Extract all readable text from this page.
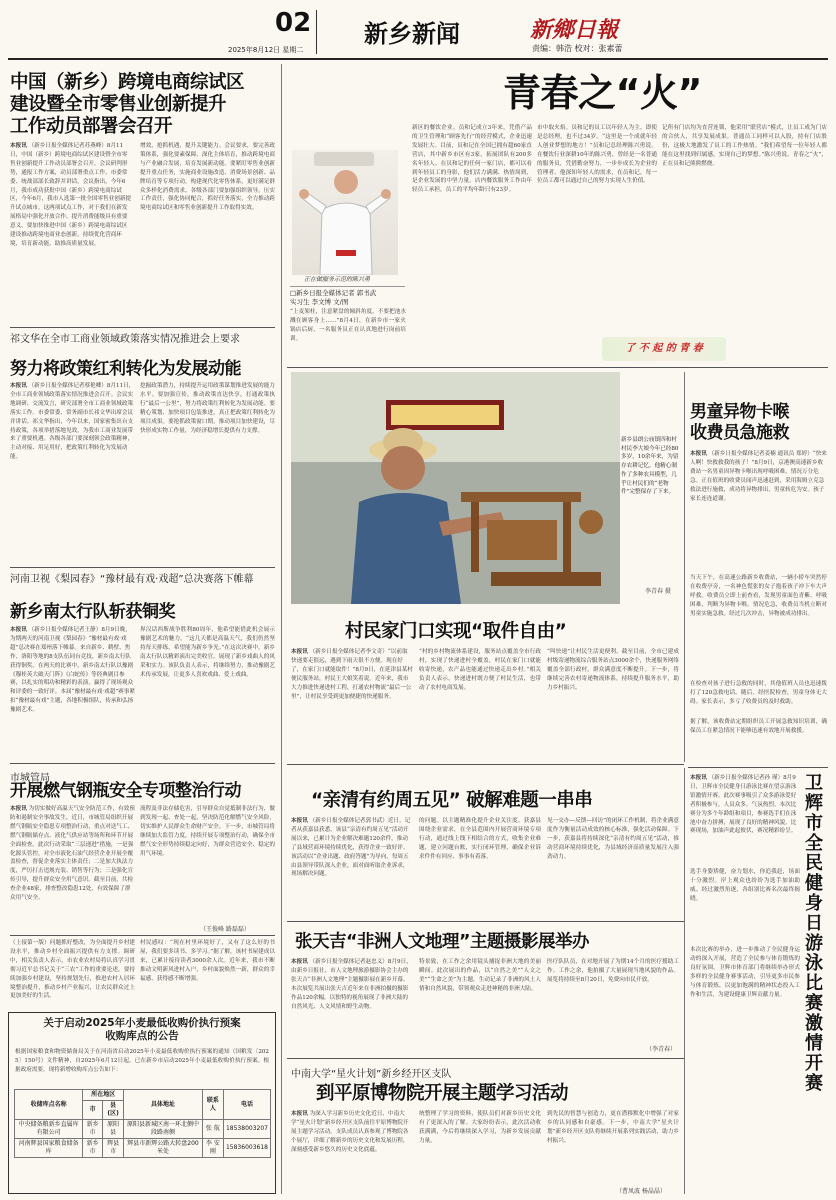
02
2025年8月12日 星期二
新乡新闻	新鄉日報
责编：韩浩 校对：张素蕾
中国（新乡）跨境电商综试区
建设暨全市零售业创新提升
工作动员部署会召开
本报讯 （新乡日报全媒体记者苏燕峰）8月11日，中国（新乡）跨境电商综试区建设暨全市零售业创新提升工作动员部署会召开。会议研判形势，通报工作方案，动员部署重点工作。市委常委、统战部部长致辞并讲话。会议指出，今年6月，我市成功获批中国（新乡）跨境电商综试区，今年6月，我市人选第一批全国零售业创新提升试点城市。这两项试点工作，对于我们在新发展格局中强化开放合作、提升消费能级具有重要意义。要加快推进中国（新乡）跨境电商综试区建设推动跨境电商业态创新，持续优化营商环境，培育新动能，助推高质量发展。
增效，抢抓机遇，提升关键能力。会议要求，要完善政策体系，强化要素保障，深化主体培育，推动跨境电商与产业融合发展，培育发展新动能。要紧盯零售业创新提升重点任务，实施商业设施改造、消费场景创新、品牌培育等专项行动，构建现代化零售体系，更好满足群众多样化消费需求。各级各部门要加强组织领导，压实工作责任，强化协同配合，抓好任务落实，全力推动跨境电商综试区和零售业创新提升工作取得实效。
祁文华在全市工商业领域政策落实情况推进会上要求
努力将政策红利转化为发展动能
本报讯 （新乡日报全媒体记者蔡艳卿）8月11日，全市工商业领域政策落实情况推进会召开。会议实地调研、交流发言，研究部署全市工商业领域政策落实工作。市委常委、常务副市长祁文华出席会议并讲话。祁文华指出，今年以来，国家密集出台支持政策，各项举措落地见效，为我市工商业发展带来了重要机遇。各级各部门要深刻领会政策精神，主动对接、用足用好，把政策红利转化为发展动能。
挖掘政策潜力，持续提升运用政策谋划推进发展的能力水平。要加强宣传，推动政策直达快享，打通政策执行“最后一公里”，努力将政策红利转化为发展动能。要精心策划、加快项目包装推进，真正把政策红利转化为项目成果。要抢抓政策窗口期，推动项目加快建设，尽快形成实物工作量，为经济稳增长提供有力支撑。
河南卫视《梨园春》“豫材最有戏·戏超”总决赛落下帷幕
新乡南太行队斩获铜奖
本报讯 （新乡日报全媒体记者王静）8月9日晚，为期两天的河南卫视《梨园春》“豫材最有戏·戏超”总决赛在郑州落下帷幕。来自新乡、鹤壁、焦作、洛阳等地的8支队伍同台竞技，新乡南太行队获得铜奖。在两天的比赛中，新乡南太行队以豫剧《穆桂英大破天门阵》《白蛇传》等经典剧目参赛，以扎实的唱功和精彩的表演，赢得了现场观众和评委的一致好评。本届“豫材最有戏·戏超”赛事紧扣“豫材最有戏”主题，各地积极组队，传承和弘扬豫剧艺术。
界汉话西斯战争胜利80周年，他希望能借此机会展示豫剧艺术的魅力。“这几天都是高温天气，我们仍然坚持每天排练，希望能为新乡争光。”在这次决赛中，新乡南太行队以精彩演出完美收官，展现了新乡戏曲人的风采和实力。该队负责人表示，将继续努力，推动豫剧艺术传承发展，让更多人喜欢戏曲、爱上戏曲。
市城管局
开展燃气钢瓶安全专项整治行动
本报讯 为切实做好高温天气安全防范工作，有效预防和遏制安全事故发生，近日，市城管局组织开展燃气钢瓶安全隐患专项整治行动，重点对送气工、燃气钢瓶储存点、液化气供应站等场所和环节开展全面检查。此次行动采取“三层递进”措施，一是强化源头管控，对全市液化石油气经营企业开展全覆盖检查，督促企业落实主体责任；二是加大执法力度，严厉打击违规充装、销售等行为；三是强化宣传引导，提升群众安全用气意识。截至目前，共检查企业48家，排查整改隐患12处，有效保障了群众用气安全。
流程及非法存储危害，引导群众自觉抵制非法行为，做到发现一起、查处一起，坚决防范化解燃气安全风险，切实维护人民群众生命财产安全。下一步，市城管局将继续加大监管力度，持续开展专项整治行动，确保全市燃气安全形势持续稳定向好，为群众营造安全、稳定的用气环境。
（王俊峰 路磊磊）
（上接第一版）问题抓好整改，为全面提升乡村建设水平，推动乡村全面振兴提供有力支撑。调研中，相关负责人表示，市农业农村局将认真学习贯彻习近平总书记关于“三农”工作的重要论述，要持续加强乡村建设，坚持规划先行，推进农村人居环境整治提升，推动乡村产业振兴，让农民群众过上更加美好的生活。
村民感叹：“现在村里环境好了，又有了这么好的书屋，我们要多读书、多学习。”据了解，该村书屋建成以来，已累计接待读者3000余人次。近年来，我市不断推动文明新风进村入户，乡村面貌焕然一新，群众的幸福感、获得感不断增强。
关于启动2025年小麦最低收购价执行预案
收购库点的公告
根据国家粮食和物资储备局关于在河南省启动2025年小麦最低收购价执行预案的通知（国粮发〔2025〕150号）文件精神，自2025年6月12日起，已在新乡市启动2025年小麦最低收购价执行预案。根据政府需要，现将新增收购库点公告如下：
收储库点名称	所在地区		具体地址	联系人	电话
	市	县(区)			
中央储备粮新乡直属库有限公司	新乡市	原阳县	原阳县新城区南一环北侧中段路南侧	张 航	18538003207
河南辉县国家粮食储备库	新乡市	辉县市	辉县市新辉公路大转盘200米处	李 安刚	15836003618
正在做服务示范的陈兴勇
青春之“火”
□新乡日报全媒体记者 郭书武
实习生 李文博 文/图
“上麦架柱，注意紧盘的倾斜角度，不要把池水溅在顾客身上……”8月4日，在新乡市一家火锅店后厨，一名服务员正在认真地进行岗前培训。
新区的餐饮企业。员和记成立3年来，凭借产品的卫生管理和“顾客先行”的经营模式，企业迅速发展壮大。目前，员和记在全国已拥有超60家直营店，其中新乡市区有3家，拓展团队有200多名年轻人。在员和记的任何一家门店，都可以看到年轻员工的身影，他们活力满满、热情周到，是企业发展的中坚力量。店内餐饮服务工作由年轻员工承担，员工的平均年龄只有23岁。
市中取火焰。员和记的员工以年轻人为主，即使是总经理，也不过34岁。“这里是一个成就年轻人创业梦想的地方！”员和记总经理陈兴勇说。在餐饮行业深耕10年的陈兴勇，曾经是一名普通的服务员，凭借勤奋努力，一步步成长为企业的管理者。他深知年轻人的需求，在员和记，每一位员工都可以通过自己的努力实现人生价值。
了 不 起 的 青 春
记所有门店均为直营连锁，他采用“联营店”模式，让员工成为门店的合伙人，共享发展成果。普通员工同样可以入股，持有门店股份，这极大地激发了员工的工作热情。“我们希望每一位年轻人都能在这里找到归属感，实现自己的梦想。”陈兴勇说。青春之“火”，正在员和记熊熊燃烧。
新乡县朗公庙镇四和村村民李大娘今年已经80多岁，10余年来，为留存农耕记忆，他精心制作了多种农具模型，几乎让村民们的“老物件”完整保存了下来。
李青春 摄
村民家门口实现“取件自由”
本报讯 （新乡日报全媒体记者李文奇）“以前取快递要走很远，遇到下雨天很不方便。现在好了，在家门口就能取件！”8月9日，在延津县某村便民服务站，村民王大娘笑着说。近年来，我市大力推进快递进村工程，打通农村物流“最后一公里”，让村民享受到更加便捷的快递服务。
“村的乡村物流体系建设，服务站点覆盖全市行政村，实现了快递进村全覆盖，村民在家门口就能收寄快递，农产品也能通过快递走出乡村。”相关负责人表示。快递进村既方便了村民生活，也带动了农村电商发展。
“叫快递”让村民生活更便利。截至目前，全市已建成村级寄递物流综合服务站点3000余个，快递服务网络覆盖全部行政村，群众满意度不断提升。下一步，将继续完善农村寄递物流体系，持续提升服务水平，助力乡村振兴。
“亲清有约周五见” 破解难题一串串
本报讯 （新乡日报全媒体记者郭书武）近日，记者从获嘉县获悉，该县“亲清有约周五见”活动开展以来，已累计为企业解决难题120余件，推动了县域营商环境持续优化，获得企业一致好评。该活动以“企业出题、政府答题”为导向，每周五由县领导带队深入企业，面对面听取企业诉求，现场解决问题。
的问题。以主题精准化提升企业关注度。获嘉县围绕企业需求，在全县范围内开展营商环境专项行动，通过线上线下相结合的方式，收集企业难题，建立问题台账，实行闭环管理，确保企业诉求件件有回应、事事有着落。
见一交办—反馈—回访”的闭环工作机制，将企业满意度作为衡量活动成效的核心标准，强化活动保障。下一步，获嘉县将持续深化“亲清有约周五见”活动，推动营商环境持续优化，为县域经济高质量发展注入强劲动力。
张天吉“非洲人文地理”主题摄影展举办
本报讯 （新乡日报全媒体记者赵忠义）8月9日，由新乡日报社、市人文地理旅游摄影协会主办的张天吉“非洲人文地理”主题摄影展在新乡开幕。本次展览共展出张天吉近年来在非洲拍摄的摄影作品120余幅，以独特的视角展现了非洲大陆的自然风光、人文风情和野生动物。
特景致，在工作之余用镜头捕捉非洲大地的美丽瞬间。此次展出的作品，以“自然之美”“人文之美”“生命之美”为主题，生动记录了非洲的风土人情和自然风貌，带领观众走进神秘的非洲大陆。
医疗队队员，在对地开展了为期14个月的医疗援助工作。工作之余，他拍摄了大量展现当地风貌的作品。展览将持续至8月20日，免费向市民开放。
（李青春）
中南大学“星火计划”新乡经开区支队
到平原博物院开展主题学习活动
本报讯 为深入学习新乡历史文化近日，中南大学“星火计划”新乡经开区支队前往平原博物院开展主题学习活动。支队成员认真参观了博物院各个展厅，详细了解新乡的历史文化和发展历程，深刻感受新乡悠久的历史文化底蕴。
统整理了学习的资料，使队员们对新乡历史文化有了更深入的了解。大家纷纷表示，此次活动收获满满，今后将继续深入学习，为新乡发展贡献力量。
到先民的智慧与创造力，更在潜移默化中增强了对家乡的认同感和自豪感。下一步，中南大学“星火计划”新乡经开区支队将继续开展系列实践活动，助力乡村振兴。
（曹凤波 杨晶晶）
男童异物卡喉
收费员急施救
本报讯 （新乡日报全媒体记者姜楠 通讯员 郑婷）“快来人啊！快救救我的孩子！”8月9日，京港澳高速新乡收费站一名男童因异物卡喉出现呼吸困难，情况万分危急。正在值班的收费员闻声迅速赶到，采用海姆立克急救法进行施救，成功将异物排出，男童转危为安。孩子家长连连道谢。
当天下午，在高速公路新乡收费站，一辆小轿车突然停在收费亭旁，一名神色慌张的女子抱着孩子冲下车大声呼救。收费员立即上前查看，发现男童面色青紫、呼吸困难，判断为异物卡喉。情况危急，收费员当机立断对男童实施急救。经过几次冲击，异物被成功排出。
在检查对孩子进行急救的同时，其他值班人员也迅速拨打了120急救电话。随后，经医院检查，男童身体无大碍。家长表示，多亏了收费员的及时救助。
据了解，该收费站定期组织员工开展急救知识培训，确保员工在紧急情况下能够迅速有效地开展救援。
本报讯 （新乡日报全媒体记者孙 瑾）8月9日，卫辉市全民健身日游泳比赛在望京游泳馆激情开赛。此次赛事吸引了众多游泳爱好者积极参与，人员众多，气氛热烈。本次比赛分为多个年龄组和项目，参赛选手们在泳池中奋力拼搏，展现了良好的精神风貌。比赛现场，加油声此起彼伏，赛况精彩纷呈。
卫辉市全民健身日游泳比赛激情开赛
选手身姿矫健，奋力划水，你追我赶，场面十分激烈。岸上观众也纷纷为选手加油助威。经过激烈角逐，各组别比赛名次最终揭晓。
本次比赛的举办，进一步推动了全民健身运动的深入开展，营造了全民参与体育锻炼的良好氛围。卫辉市体育部门将继续举办形式多样的全民健身赛事活动，引导更多市民参与体育锻炼，以更加饱满的精神状态投入工作和生活，为建设健康卫辉贡献力量。
